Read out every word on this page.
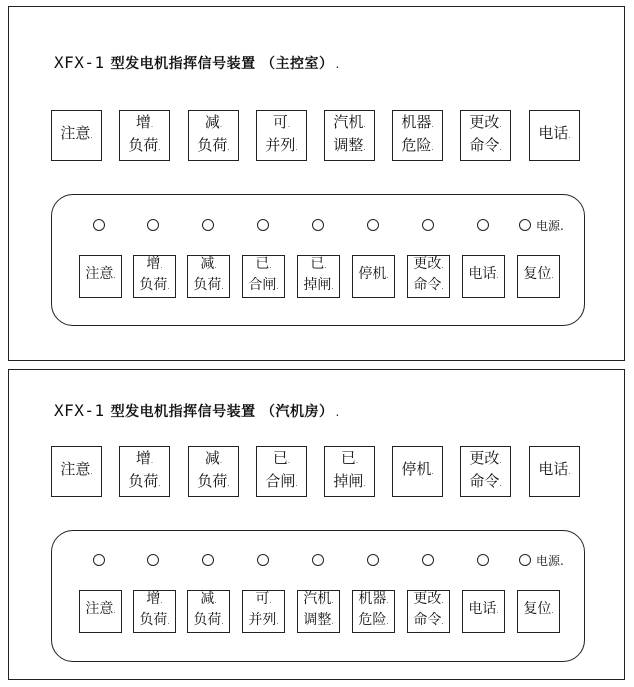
XFX-1 型发电机指挥信号装置 （主控室） .
注意 ‧
增 ‧
负荷 ‧
减 ‧
负荷 ‧
可 ‧
并列 ‧
汽机 ‧
调整 ‧
机器 ‧
危险 ‧
更改 ‧
命令 ‧
电话 ‧
电源.
注意 ‧
增 ‧
负荷 ‧
减 ‧
负荷 ‧
已 ‧
合闸 ‧
已 ‧
掉闸 ‧
停机 ‧
更改 ‧
命令 ‧
电话 ‧ 复位 ‧
XFX-1 型发电机指挥信号装置 （汽机房） .
注意 ‧
增 ‧
负荷 ‧
减 ‧
负荷 ‧
已 ‧
合闸 ‧
已 ‧
掉闸 ‧
停机 ‧
更改 ‧
命令 ‧
电话 ‧
电源.
注意 ‧
增 ‧
负荷 ‧
减 ‧
负荷 ‧
可 ‧
并列 ‧
汽机 ‧
调整 ‧
机器 ‧
危险 ‧
更改 ‧
命令 ‧
电话 ‧ 复位 ‧
